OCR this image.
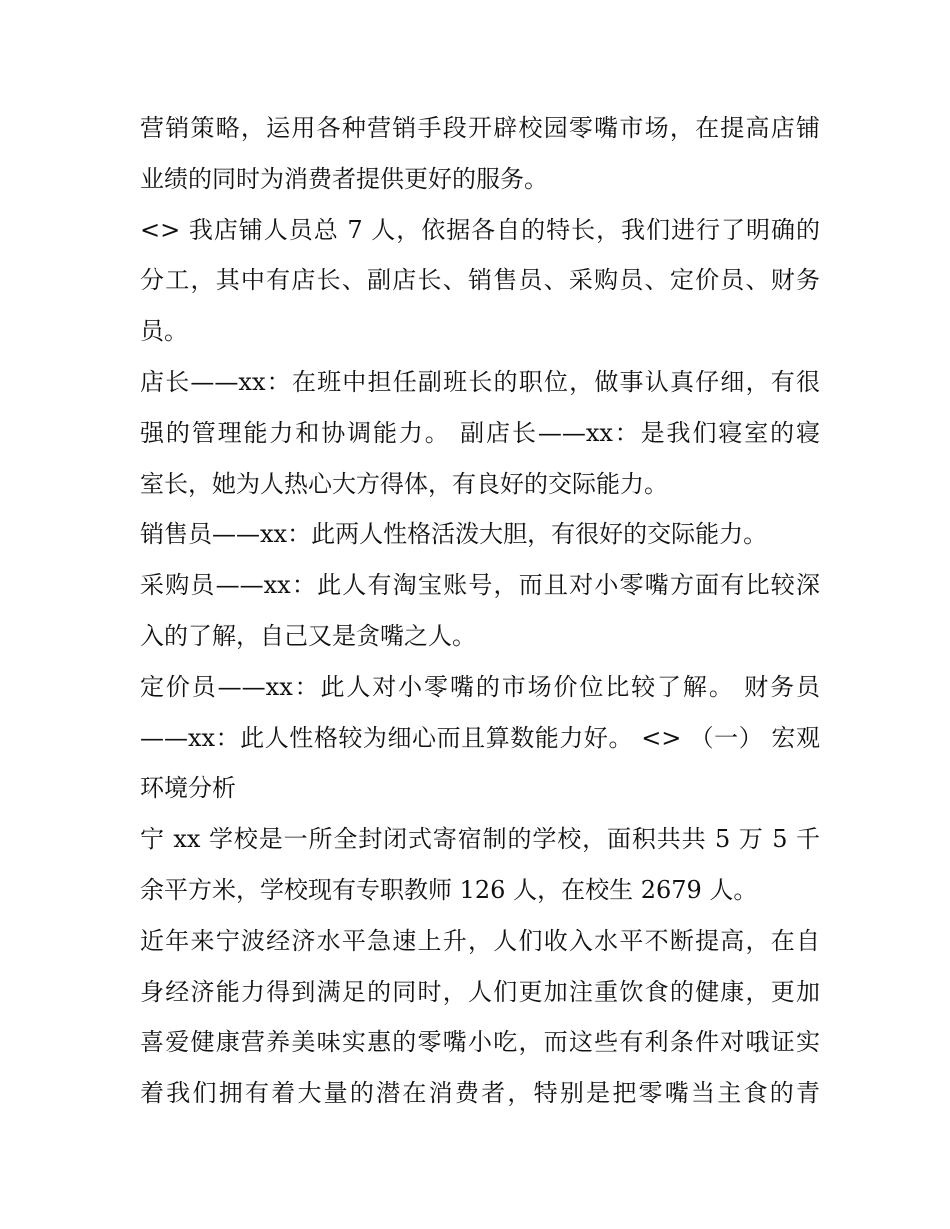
营销策略，运用各种营销手段开辟校园零嘴市场，在提高店铺
业绩的同时为消费者提供更好的服务。
<> 我店铺人员总 7 人，依据各自的特长，我们进行了明确的
分工，其中有店长、副店长、销售员、采购员、定价员、财务
员。
店长——xx：在班中担任副班长的职位，做事认真仔细，有很
强的管理能力和协调能力。 副店长——xx：是我们寝室的寝
室长，她为人热心大方得体，有良好的交际能力。
销售员——xx：此两人性格活泼大胆，有很好的交际能力。
采购员——xx：此人有淘宝账号，而且对小零嘴方面有比较深
入的了解，自己又是贪嘴之人。
定价员——xx：此人对小零嘴的市场价位比较了解。 财务员
——xx：此人性格较为细心而且算数能力好。 <> （一） 宏观
环境分析
宁 xx 学校是一所全封闭式寄宿制的学校，面积共共 5 万 5 千
余平方米，学校现有专职教师 126 人，在校生 2679 人。
近年来宁波经济水平急速上升，人们收入水平不断提高，在自
身经济能力得到满足的同时，人们更加注重饮食的健康，更加
喜爱健康营养美味实惠的零嘴小吃，而这些有利条件对哦证实
着我们拥有着大量的潜在消费者，特别是把零嘴当主食的青
